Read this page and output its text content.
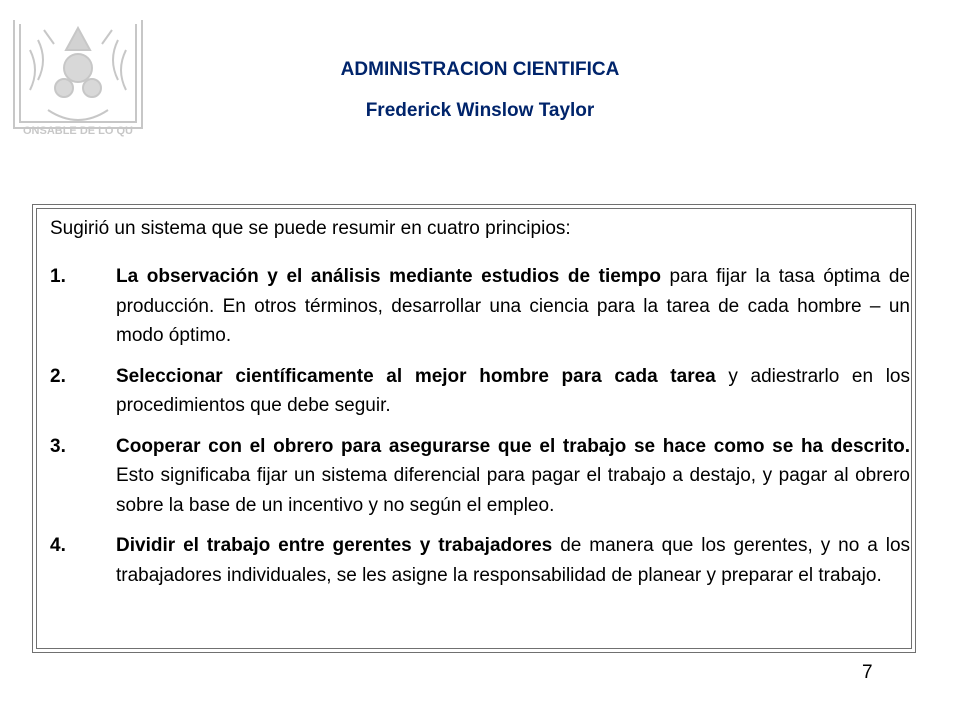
ONSABLE DE LO QU
ADMINISTRACION CIENTIFICA
Frederick Winslow Taylor
Sugirió un sistema que se puede resumir en cuatro principios:
1.	La observación y el análisis mediante estudios de tiempo para fijar la tasa óptima de producción. En otros términos, desarrollar una ciencia para la tarea de cada hombre – un modo óptimo.
2.	Seleccionar científicamente al mejor hombre para cada tarea y adiestrarlo en los procedimientos que debe seguir.
3.	Cooperar con el obrero para asegurarse que el trabajo se hace como se ha descrito. Esto significaba fijar un sistema diferencial para pagar el trabajo a destajo, y pagar al obrero sobre la base de un incentivo y no según el empleo.
4.	Dividir el trabajo entre gerentes y trabajadores de manera que los gerentes, y no a los trabajadores individuales, se les asigne la responsabilidad de planear y preparar el trabajo.
7
